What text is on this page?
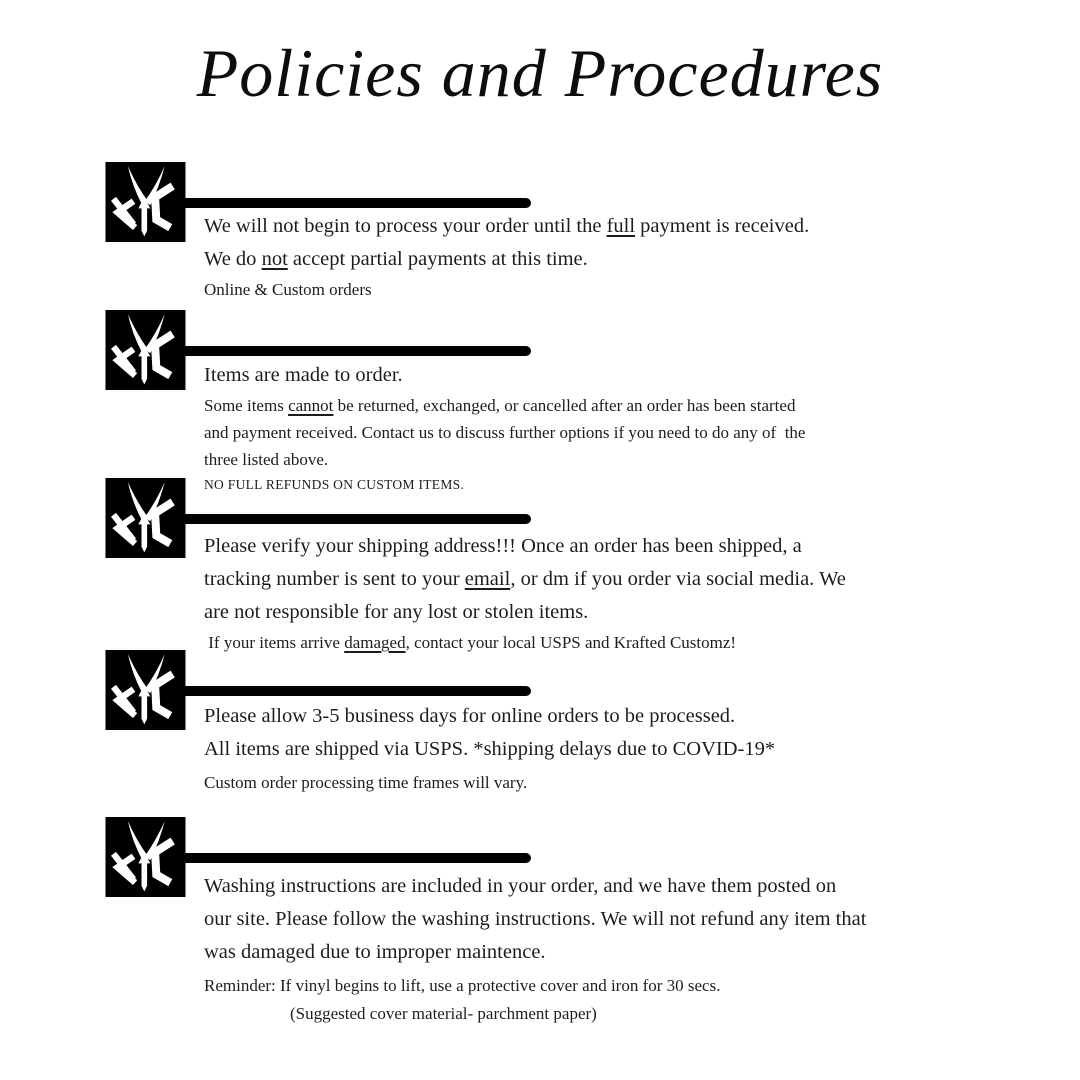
Policies and Procedures
We will not begin to process your order until the full payment is received.
We do not accept partial payments at this time.
Online & Custom orders
Items are made to order.
Some items cannot be returned, exchanged, or cancelled after an order has been started
and payment received. Contact us to discuss further options if you need to do any of  the
three listed above.
NO FULL REFUNDS ON CUSTOM ITEMS.
Please verify your shipping address!!! Once an order has been shipped, a
tracking number is sent to your email, or dm if you order via social media. We
are not responsible for any lost or stolen items.
If your items arrive damaged, contact your local USPS and Krafted Customz!
Please allow 3-5 business days for online orders to be processed.
All items are shipped via USPS. *shipping delays due to COVID-19*
Custom order processing time frames will vary.
Washing instructions are included in your order, and we have them posted on
our site. Please follow the washing instructions. We will not refund any item that
was damaged due to improper maintence.
Reminder: If vinyl begins to lift, use a protective cover and iron for 30 secs.
(Suggested cover material- parchment paper)
